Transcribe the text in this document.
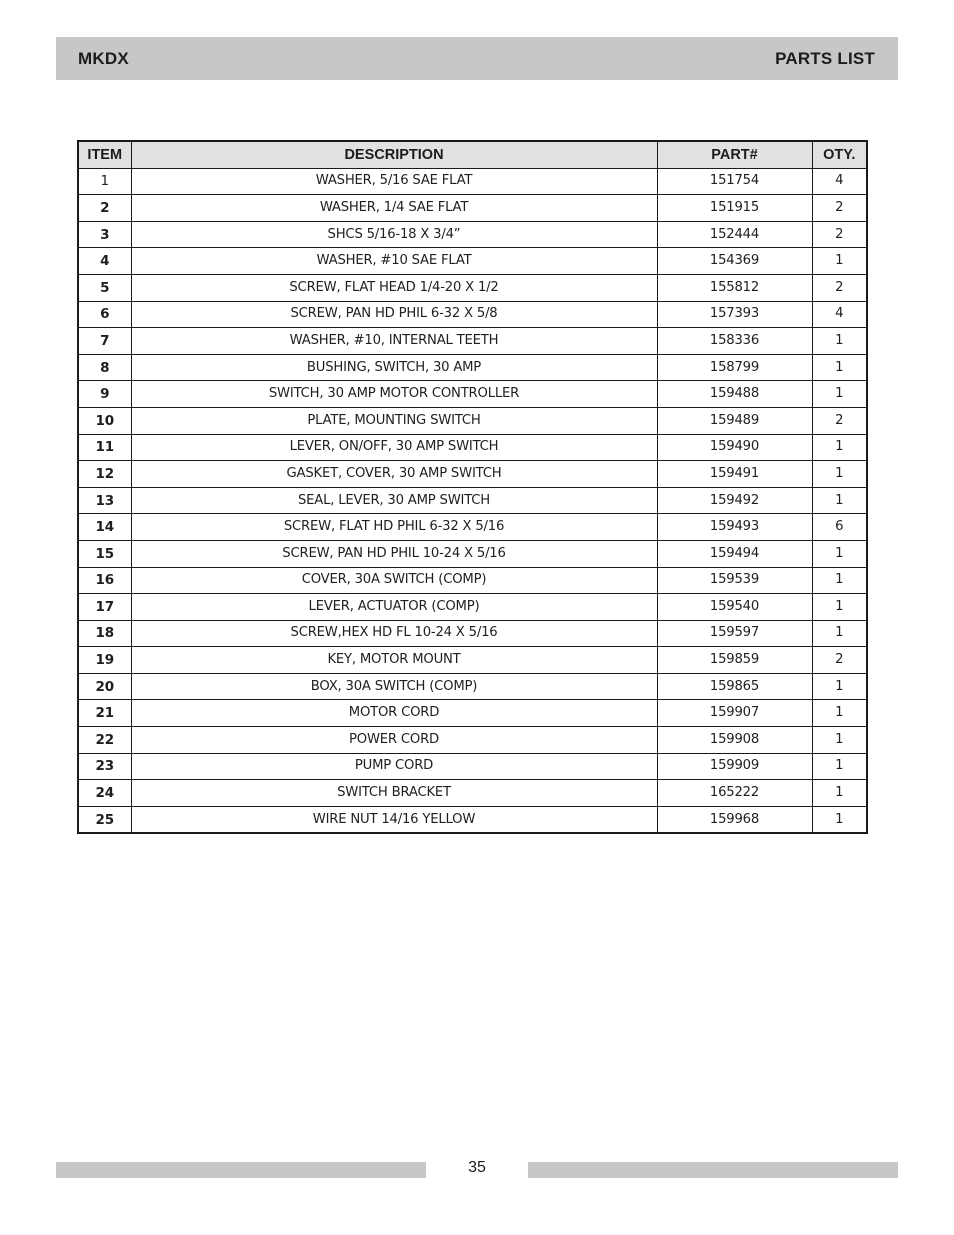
MKDX	PARTS LIST
ITEM	DESCRIPTION	PART#	OTY.
1	WASHER, 5/16 SAE FLAT	151754	4
2	WASHER, 1/4 SAE FLAT	151915	2
3	SHCS 5/16-18 X 3/4”	152444	2
4	WASHER, #10 SAE FLAT	154369	1
5	SCREW, FLAT HEAD 1/4-20 X 1/2	155812	2
6	SCREW, PAN HD PHIL 6-32 X 5/8	157393	4
7	WASHER, #10, INTERNAL TEETH	158336	1
8	BUSHING, SWITCH, 30 AMP	158799	1
9	SWITCH, 30 AMP MOTOR CONTROLLER	159488	1
10	PLATE, MOUNTING SWITCH	159489	2
11	LEVER, ON/OFF, 30 AMP SWITCH	159490	1
12	GASKET, COVER, 30 AMP SWITCH	159491	1
13	SEAL, LEVER, 30 AMP SWITCH	159492	1
14	SCREW, FLAT HD PHIL 6-32 X 5/16	159493	6
15	SCREW, PAN HD PHIL 10-24 X 5/16	159494	1
16	COVER, 30A SWITCH (COMP)	159539	1
17	LEVER, ACTUATOR (COMP)	159540	1
18	SCREW,HEX HD FL 10-24 X 5/16	159597	1
19	KEY, MOTOR MOUNT	159859	2
20	BOX, 30A SWITCH (COMP)	159865	1
21	MOTOR CORD	159907	1
22	POWER CORD	159908	1
23	PUMP CORD	159909	1
24	SWITCH BRACKET	165222	1
25	WIRE NUT 14/16 YELLOW	159968	1
35
